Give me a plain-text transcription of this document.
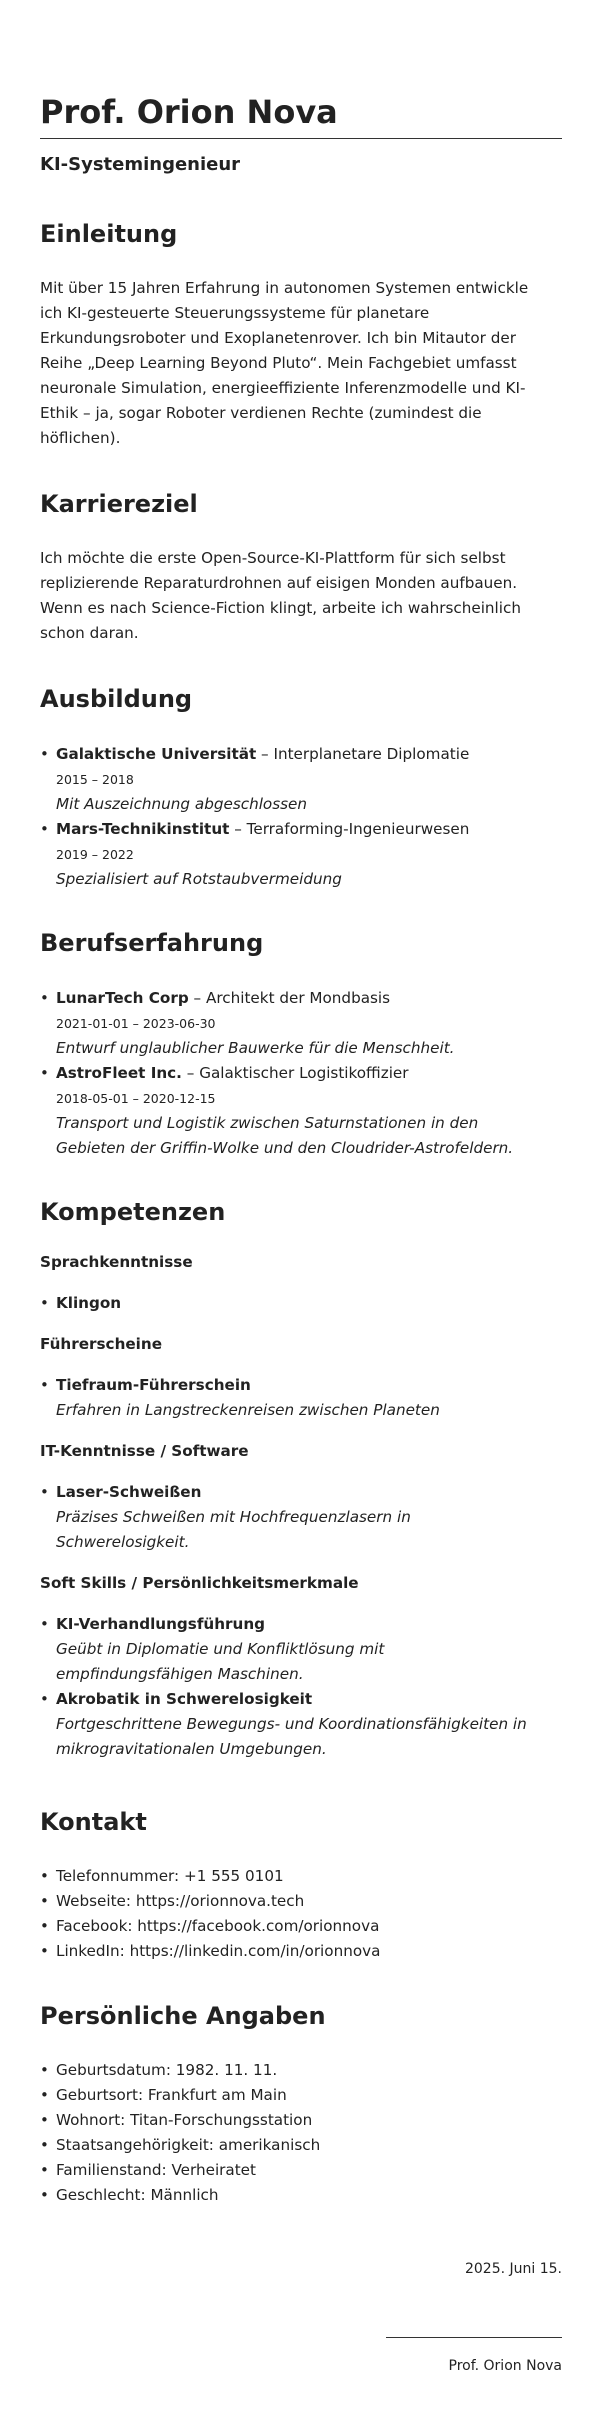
Prof. Orion Nova
KI-Systemingenieur
Einleitung
Mit über 15 Jahren Erfahrung in autonomen Systemen entwickle
ich KI-gesteuerte Steuerungssysteme für planetare
Erkundungsroboter und Exoplanetenrover. Ich bin Mitautor der
Reihe „Deep Learning Beyond Pluto“. Mein Fachgebiet umfasst
neuronale Simulation, energieeffiziente Inferenzmodelle und KI-
Ethik – ja, sogar Roboter verdienen Rechte (zumindest die
höflichen).
Karriereziel
Ich möchte die erste Open-Source-KI-Plattform für sich selbst
replizierende Reparaturdrohnen auf eisigen Monden aufbauen.
Wenn es nach Science-Fiction klingt, arbeite ich wahrscheinlich
schon daran.
Ausbildung
• Galaktische Universität – Interplanetare Diplomatie
2015 – 2018
Mit Auszeichnung abgeschlossen
• Mars-Technikinstitut – Terraforming-Ingenieurwesen
2019 – 2022
Spezialisiert auf Rotstaubvermeidung
Berufserfahrung
• LunarTech Corp – Architekt der Mondbasis
2021-01-01 – 2023-06-30
Entwurf unglaublicher Bauwerke für die Menschheit.
• AstroFleet Inc. – Galaktischer Logistikoffizier
2018-05-01 – 2020-12-15
Transport und Logistik zwischen Saturnstationen in den
Gebieten der Griffin-Wolke und den Cloudrider-Astrofeldern.
Kompetenzen
Sprachkenntnisse
• Klingon
Führerscheine
• Tiefraum-Führerschein
Erfahren in Langstreckenreisen zwischen Planeten
IT-Kenntnisse / Software
• Laser-Schweißen
Präzises Schweißen mit Hochfrequenzlasern in
Schwerelosigkeit.
Soft Skills / Persönlichkeitsmerkmale
• KI-Verhandlungsführung
Geübt in Diplomatie und Konfliktlösung mit
empfindungsfähigen Maschinen.
• Akrobatik in Schwerelosigkeit
Fortgeschrittene Bewegungs- und Koordinationsfähigkeiten in
mikrogravitationalen Umgebungen.
Kontakt
• Telefonnummer: +1 555 0101
• Webseite: https://orionnova.tech
• Facebook: https://facebook.com/orionnova
• LinkedIn: https://linkedin.com/in/orionnova
Persönliche Angaben
• Geburtsdatum: 1982. 11. 11.
• Geburtsort: Frankfurt am Main
• Wohnort: Titan-Forschungsstation
• Staatsangehörigkeit: amerikanisch
• Familienstand: Verheiratet
• Geschlecht: Männlich
2025. Juni 15.
Prof. Orion Nova
